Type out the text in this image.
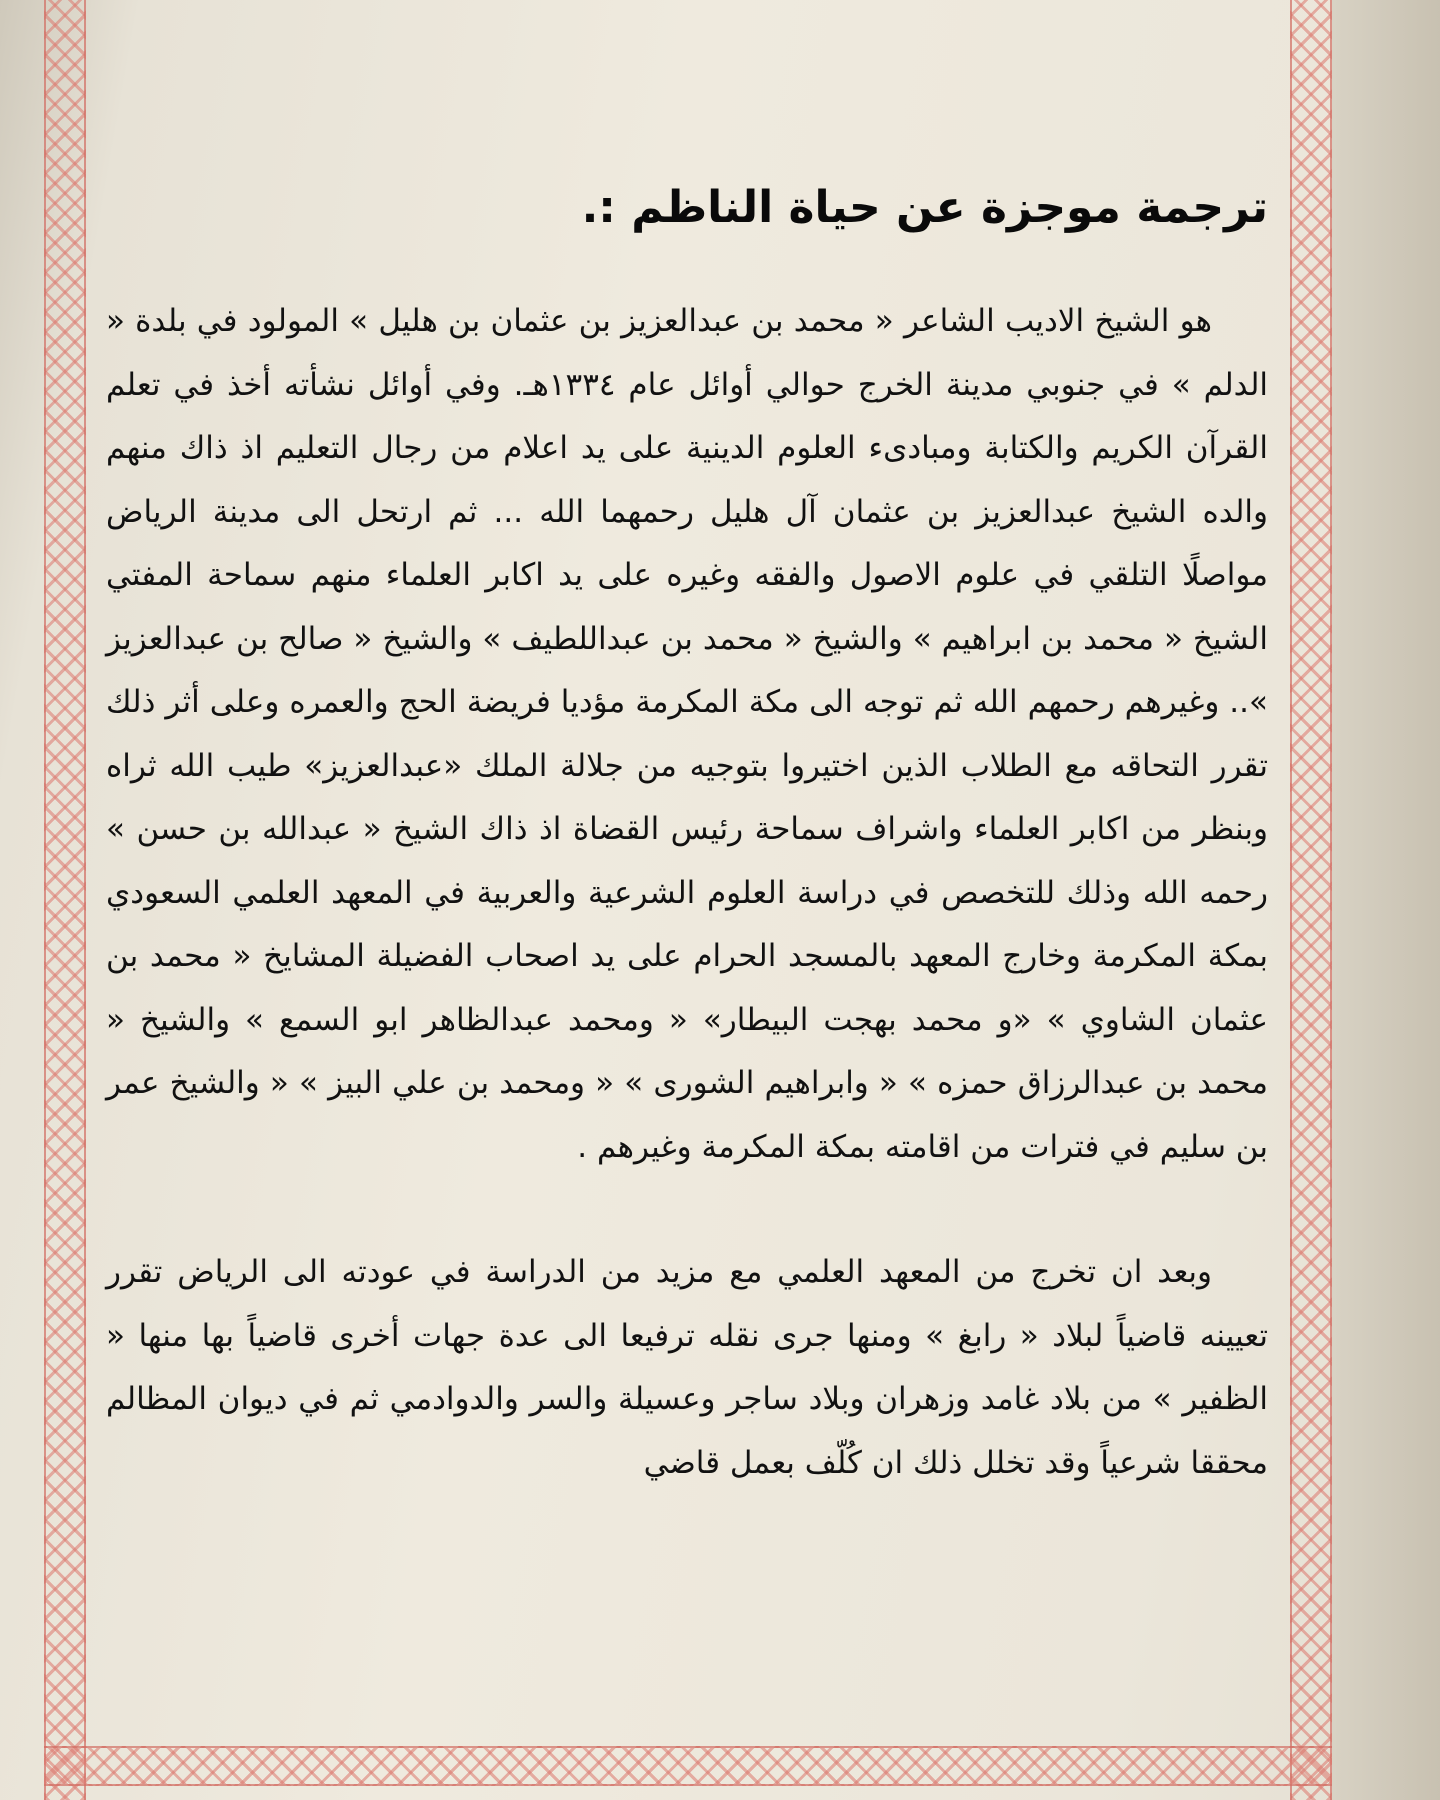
ترجمة موجزة عن حياة الناظم :.

هو الشيخ الاديب الشاعر « محمد بن عبدالعزيز بن عثمان بن هليل » المولود في بلدة « الدلم » في جنوبي مدينة الخرج حوالي أوائل عام ١٣٣٤هـ. وفي أوائل نشأته أخذ في تعلم القرآن الكريم والكتابة ومبادىء العلوم الدينية على يد اعلام من رجال التعليم اذ ذاك منهم والده الشيخ عبدالعزيز بن عثمان آل هليل رحمهما الله ... ثم ارتحل الى مدينة الرياض مواصلًا التلقي في علوم الاصول والفقه وغيره على يد اكابر العلماء منهم سماحة المفتي الشيخ « محمد بن ابراهيم » والشيخ « محمد بن عبداللطيف » والشيخ « صالح بن عبدالعزيز ».. وغيرهم رحمهم الله ثم توجه الى مكة المكرمة مؤديا فريضة الحج والعمره وعلى أثر ذلك تقرر التحاقه مع الطلاب الذين اختيروا بتوجيه من جلالة الملك «عبدالعزيز» طيب الله ثراه وبنظر من اكابر العلماء واشراف سماحة رئيس القضاة اذ ذاك الشيخ « عبدالله بن حسن » رحمه الله وذلك للتخصص في دراسة العلوم الشرعية والعربية في المعهد العلمي السعودي بمكة المكرمة وخارج المعهد بالمسجد الحرام على يد اصحاب الفضيلة المشايخ « محمد بن عثمان الشاوي » «و محمد بهجت البيطار» « ومحمد عبدالظاهر ابو السمع » والشيخ « محمد بن عبدالرزاق حمزه » « وابراهيم الشورى » « ومحمد بن علي البيز » « والشيخ عمر بن سليم في فترات من اقامته بمكة المكرمة وغيرهم .

وبعد ان تخرج من المعهد العلمي مع مزيد من الدراسة في عودته الى الرياض تقرر تعيينه قاضياً لبلاد « رابغ » ومنها جرى نقله ترفيعا الى عدة جهات أخرى قاضياً بها منها « الظفير » من بلاد غامد وزهران وبلاد ساجر وعسيلة والسر والدوادمي ثم في ديوان المظالم محققا شرعياً وقد تخلل ذلك ان كُلّف بعمل قاضي
